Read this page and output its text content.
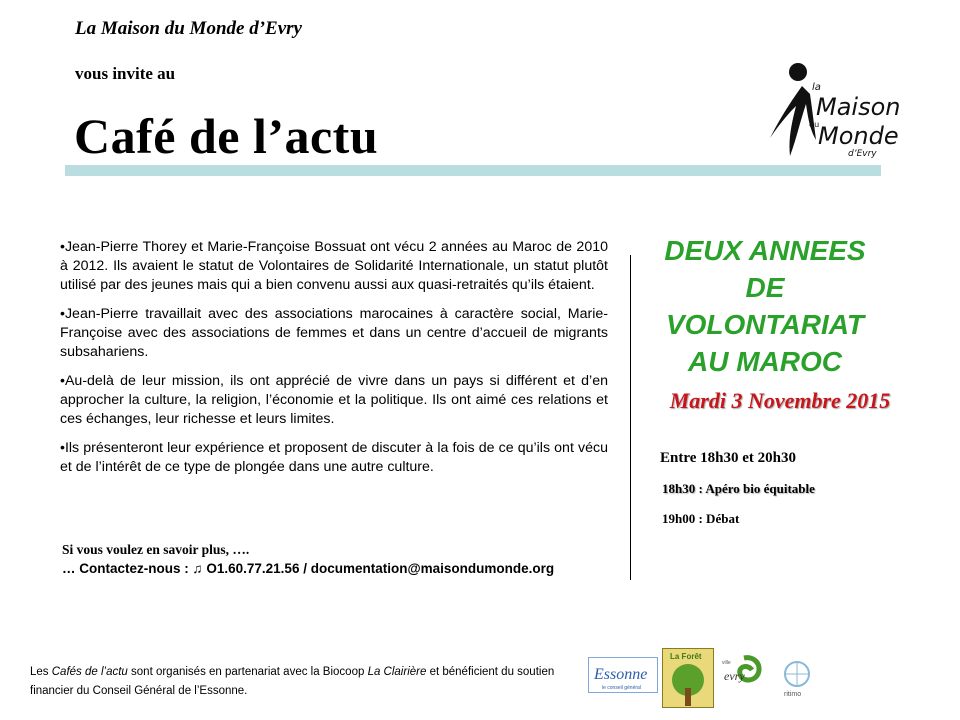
La Maison du Monde d’Evry
vous invite au
Café de l’actu
la
Maison
du
Monde
d’Evry

•Jean-Pierre Thorey et Marie-Françoise Bossuat ont vécu 2 années au Maroc de 2010 à 2012. Ils avaient le statut de Volontaires de Solidarité Internationale, un statut plutôt utilisé par des jeunes mais qui a bien convenu aussi aux quasi-retraités qu’ils étaient.

•Jean-Pierre travaillait avec des associations marocaines à caractère social, Marie-Françoise avec des associations de femmes et dans un centre d’accueil de migrants subsahariens.

•Au-delà de leur mission, ils ont apprécié de vivre dans un pays si différent et d’en approcher la culture, la religion, l’économie et la politique. Ils ont aimé ces relations et ces échanges, leur richesse et leurs limites.

•Ils présenteront leur expérience et proposent de discuter à la fois de ce qu’ils ont vécu et de l’intérêt de ce type de plongée dans une autre culture.

Si vous voulez en savoir plus, ….
… Contactez-nous : ♫ O1.60.77.21.56 / documentation@maisondumonde.org
DEUX ANNEES
DE
VOLONTARIAT
AU MAROC
Mardi 3 Novembre 2015
Entre 18h30 et 20h30
18h30 : Apéro bio équitable
19h00 : Débat
Les Cafés de l’actu sont organisés en partenariat avec la Biocoop La Clairière et bénéficient du soutien financier du Conseil Général de l’Essonne.
Essonne
le conseil général
La Forêt
ville
evry
ritimo
